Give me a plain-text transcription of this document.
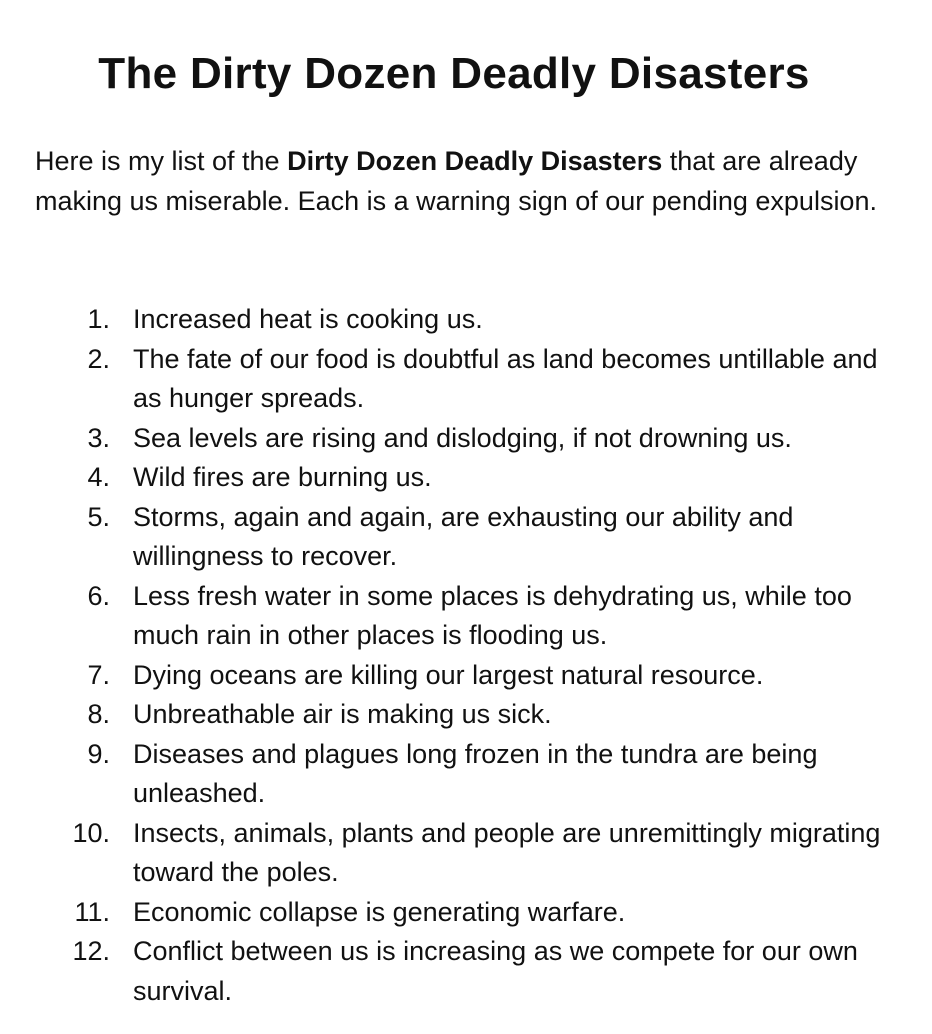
The Dirty Dozen Deadly Disasters

Here is my list of the Dirty Dozen Deadly Disasters that are already making us miserable. Each is a warning sign of our pending expulsion.

1. Increased heat is cooking us.
2. The fate of our food is doubtful as land becomes untillable and as hunger spreads.
3. Sea levels are rising and dislodging, if not drowning us.
4. Wild fires are burning us.
5. Storms, again and again, are exhausting our ability and willingness to recover.
6. Less fresh water in some places is dehydrating us, while too much rain in other places is flooding us.
7. Dying oceans are killing our largest natural resource.
8. Unbreathable air is making us sick.
9. Diseases and plagues long frozen in the tundra are being unleashed.
10. Insects, animals, plants and people are unremittingly migrating toward the poles.
11. Economic collapse is generating warfare.
12. Conflict between us is increasing as we compete for our own survival.
